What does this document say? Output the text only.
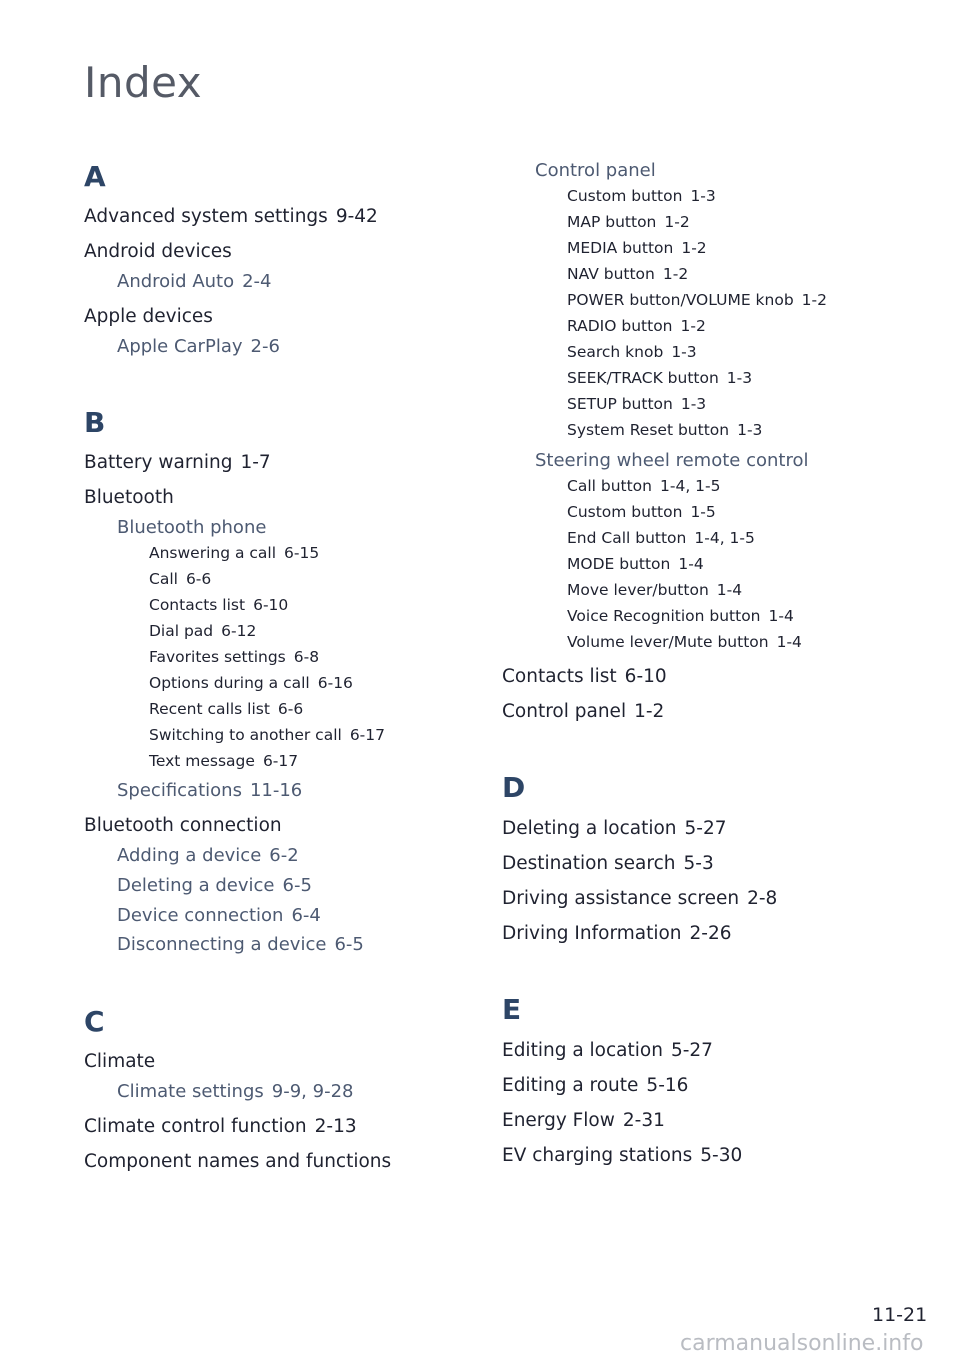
Index
A
Advanced system settings 9-42
Android devices
Android Auto 2-4
Apple devices
Apple CarPlay 2-6
B
Battery warning 1-7
Bluetooth
Bluetooth phone
Answering a call 6-15
Call 6-6
Contacts list 6-10
Dial pad 6-12
Favorites settings 6-8
Options during a call 6-16
Recent calls list 6-6
Switching to another call 6-17
Text message 6-17
Specifications 11-16
Bluetooth connection
Adding a device 6-2
Deleting a device 6-5
Device connection 6-4
Disconnecting a device 6-5
C
Climate
Climate settings 9-9, 9-28
Climate control function 2-13
Component names and functions
Control panel
Custom button 1-3
MAP button 1-2
MEDIA button 1-2
NAV button 1-2
POWER button/VOLUME knob 1-2
RADIO button 1-2
Search knob 1-3
SEEK/TRACK button 1-3
SETUP button 1-3
System Reset button 1-3
Steering wheel remote control
Call button 1-4, 1-5
Custom button 1-5
End Call button 1-4, 1-5
MODE button 1-4
Move lever/button 1-4
Voice Recognition button 1-4
Volume lever/Mute button 1-4
Contacts list 6-10
Control panel 1-2
D
Deleting a location 5-27
Destination search 5-3
Driving assistance screen 2-8
Driving Information 2-26
E
Editing a location 5-27
Editing a route 5-16
Energy Flow 2-31
EV charging stations 5-30
11-21
carmanualsonline.info
